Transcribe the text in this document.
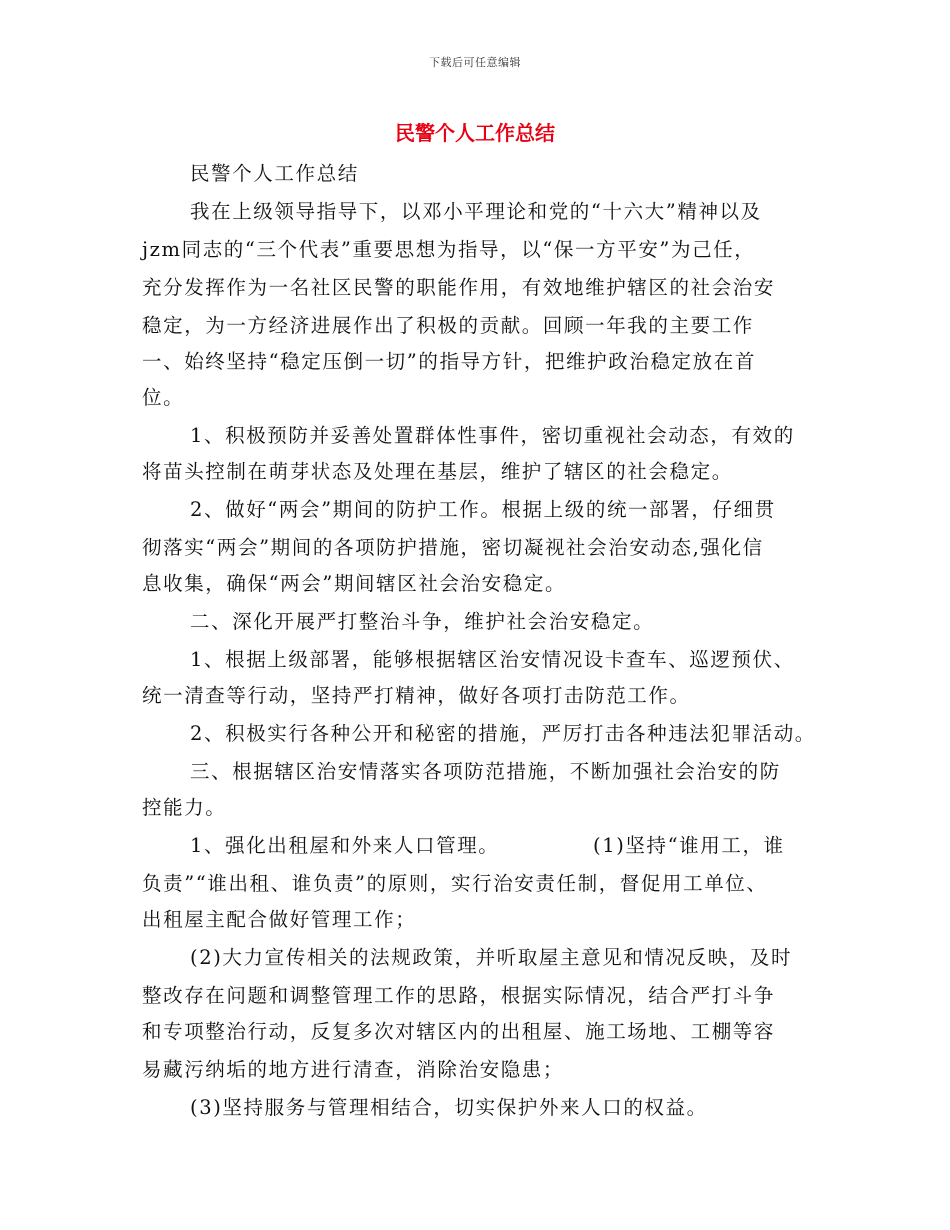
下载后可任意编辑
民警个人工作总结
民警个人工作总结
我在上级领导指导下，以邓小平理论和党的“十六大”精神以及
jzm同志的“三个代表”重要思想为指导，以“保一方平安”为己任，
充分发挥作为一名社区民警的职能作用，有效地维护辖区的社会治安
稳定，为一方经济进展作出了积极的贡献。回顾一年我的主要工作
一、始终坚持“稳定压倒一切”的指导方针，把维护政治稳定放在首
位。
1、积极预防并妥善处置群体性事件，密切重视社会动态，有效的
将苗头控制在萌芽状态及处理在基层，维护了辖区的社会稳定。
2、做好“两会”期间的防护工作。根据上级的统一部署，仔细贯
彻落实“两会”期间的各项防护措施，密切凝视社会治安动态,强化信
息收集，确保“两会”期间辖区社会治安稳定。
二、深化开展严打整治斗争，维护社会治安稳定。
1、根据上级部署，能够根据辖区治安情况设卡查车、巡逻预伏、
统一清查等行动，坚持严打精神，做好各项打击防范工作。
2、积极实行各种公开和秘密的措施，严厉打击各种违法犯罪活动。
三、根据辖区治安情落实各项防范措施，不断加强社会治安的防
控能力。
1、强化出租屋和外来人口管理。            (1)坚持“谁用工，谁
负责”“谁出租、谁负责”的原则，实行治安责任制，督促用工单位、
出租屋主配合做好管理工作；
(2)大力宣传相关的法规政策，并听取屋主意见和情况反映，及时
整改存在问题和调整管理工作的思路，根据实际情况，结合严打斗争
和专项整治行动，反复多次对辖区内的出租屋、施工场地、工棚等容
易藏污纳垢的地方进行清查，消除治安隐患；
(3)坚持服务与管理相结合，切实保护外来人口的权益。
